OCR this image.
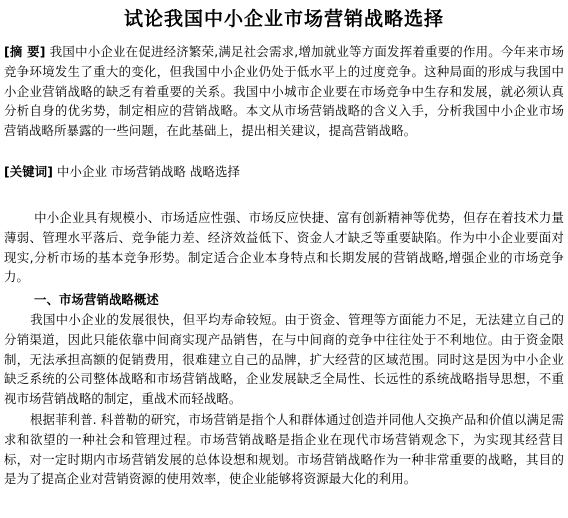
试论我国中小企业市场营销战略选择
[摘 要] 我国中小企业在促进经济繁荣,满足社会需求,增加就业等方面发挥着重要的作用。今年来市场竞争环境发生了重大的变化，但我国中小企业仍处于低水平上的过度竞争。这种局面的形成与我国中小企业营销战略的缺乏有着重要的关系。我国中小城市企业要在市场竞争中生存和发展，就必须认真分析自身的优劣势，制定相应的营销战略。本文从市场营销战略的含义入手，分析我国中小企业市场营销战略所暴露的一些问题，在此基础上，提出相关建议，提高营销战略。
[关键词] 中小企业 市场营销战略 战略选择
中小企业具有规模小、市场适应性强、市场反应快捷、富有创新精神等优势，但存在着技术力量薄弱、管理水平落后、竞争能力差、经济效益低下、资金人才缺乏等重要缺陷。作为中小企业要面对现实,分析市场的基本竞争形势。制定适合企业本身特点和长期发展的营销战略,增强企业的市场竞争力。
一、市场营销战略概述
我国中小企业的发展很快，但平均寿命较短。由于资金、管理等方面能力不足，无法建立自己的分销渠道，因此只能依靠中间商实现产品销售，在与中间商的竞争中往往处于不利地位。由于资金限制，无法承担高额的促销费用，很难建立自己的品牌，扩大经营的区域范围。同时这是因为中小企业缺乏系统的公司整体战略和市场营销战略，企业发展缺乏全局性、长远性的系统战略指导思想，不重视市场营销战略的制定，重战术而轻战略。
根据菲利普. 科普勒的研究，市场营销是指个人和群体通过创造并同他人交换产品和价值以满足需求和欲望的一种社会和管理过程。市场营销战略是指企业在现代市场营销观念下，为实现其经营目标，对一定时期内市场营销发展的总体设想和规划。市场营销战略作为一种非常重要的战略，其目的是为了提高企业对营销资源的使用效率，使企业能够将资源最大化的利用。
